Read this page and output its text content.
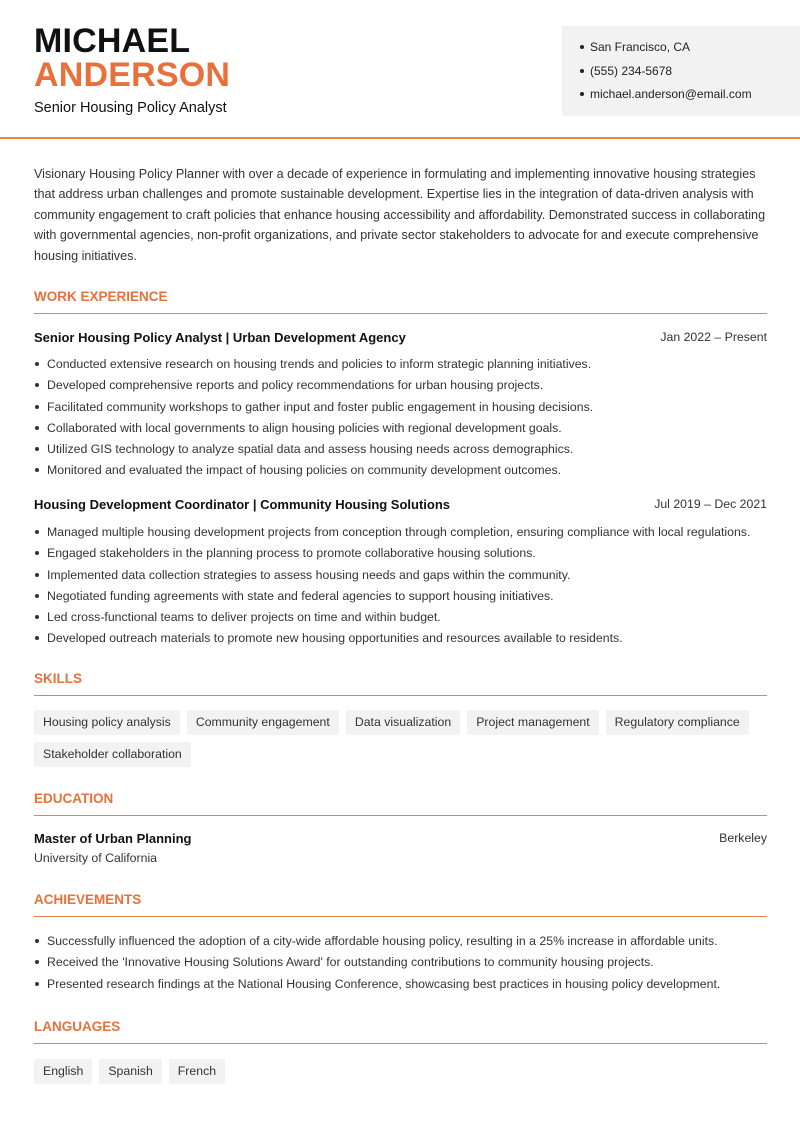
MICHAEL
ANDERSON
Senior Housing Policy Analyst
San Francisco, CA
(555) 234-5678
michael.anderson@email.com
Visionary Housing Policy Planner with over a decade of experience in formulating and implementing innovative housing strategies that address urban challenges and promote sustainable development. Expertise lies in the integration of data-driven analysis with community engagement to craft policies that enhance housing accessibility and affordability. Demonstrated success in collaborating with governmental agencies, non-profit organizations, and private sector stakeholders to advocate for and execute comprehensive housing initiatives.
WORK EXPERIENCE
Senior Housing Policy Analyst | Urban Development Agency	Jan 2022 – Present
Conducted extensive research on housing trends and policies to inform strategic planning initiatives.
Developed comprehensive reports and policy recommendations for urban housing projects.
Facilitated community workshops to gather input and foster public engagement in housing decisions.
Collaborated with local governments to align housing policies with regional development goals.
Utilized GIS technology to analyze spatial data and assess housing needs across demographics.
Monitored and evaluated the impact of housing policies on community development outcomes.
Housing Development Coordinator | Community Housing Solutions	Jul 2019 – Dec 2021
Managed multiple housing development projects from conception through completion, ensuring compliance with local regulations.
Engaged stakeholders in the planning process to promote collaborative housing solutions.
Implemented data collection strategies to assess housing needs and gaps within the community.
Negotiated funding agreements with state and federal agencies to support housing initiatives.
Led cross-functional teams to deliver projects on time and within budget.
Developed outreach materials to promote new housing opportunities and resources available to residents.
SKILLS
Housing policy analysis	Community engagement	Data visualization	Project management	Regulatory compliance
Stakeholder collaboration
EDUCATION
Master of Urban Planning	Berkeley
University of California
ACHIEVEMENTS
Successfully influenced the adoption of a city-wide affordable housing policy, resulting in a 25% increase in affordable units.
Received the 'Innovative Housing Solutions Award' for outstanding contributions to community housing projects.
Presented research findings at the National Housing Conference, showcasing best practices in housing policy development.
LANGUAGES
English	Spanish	French
